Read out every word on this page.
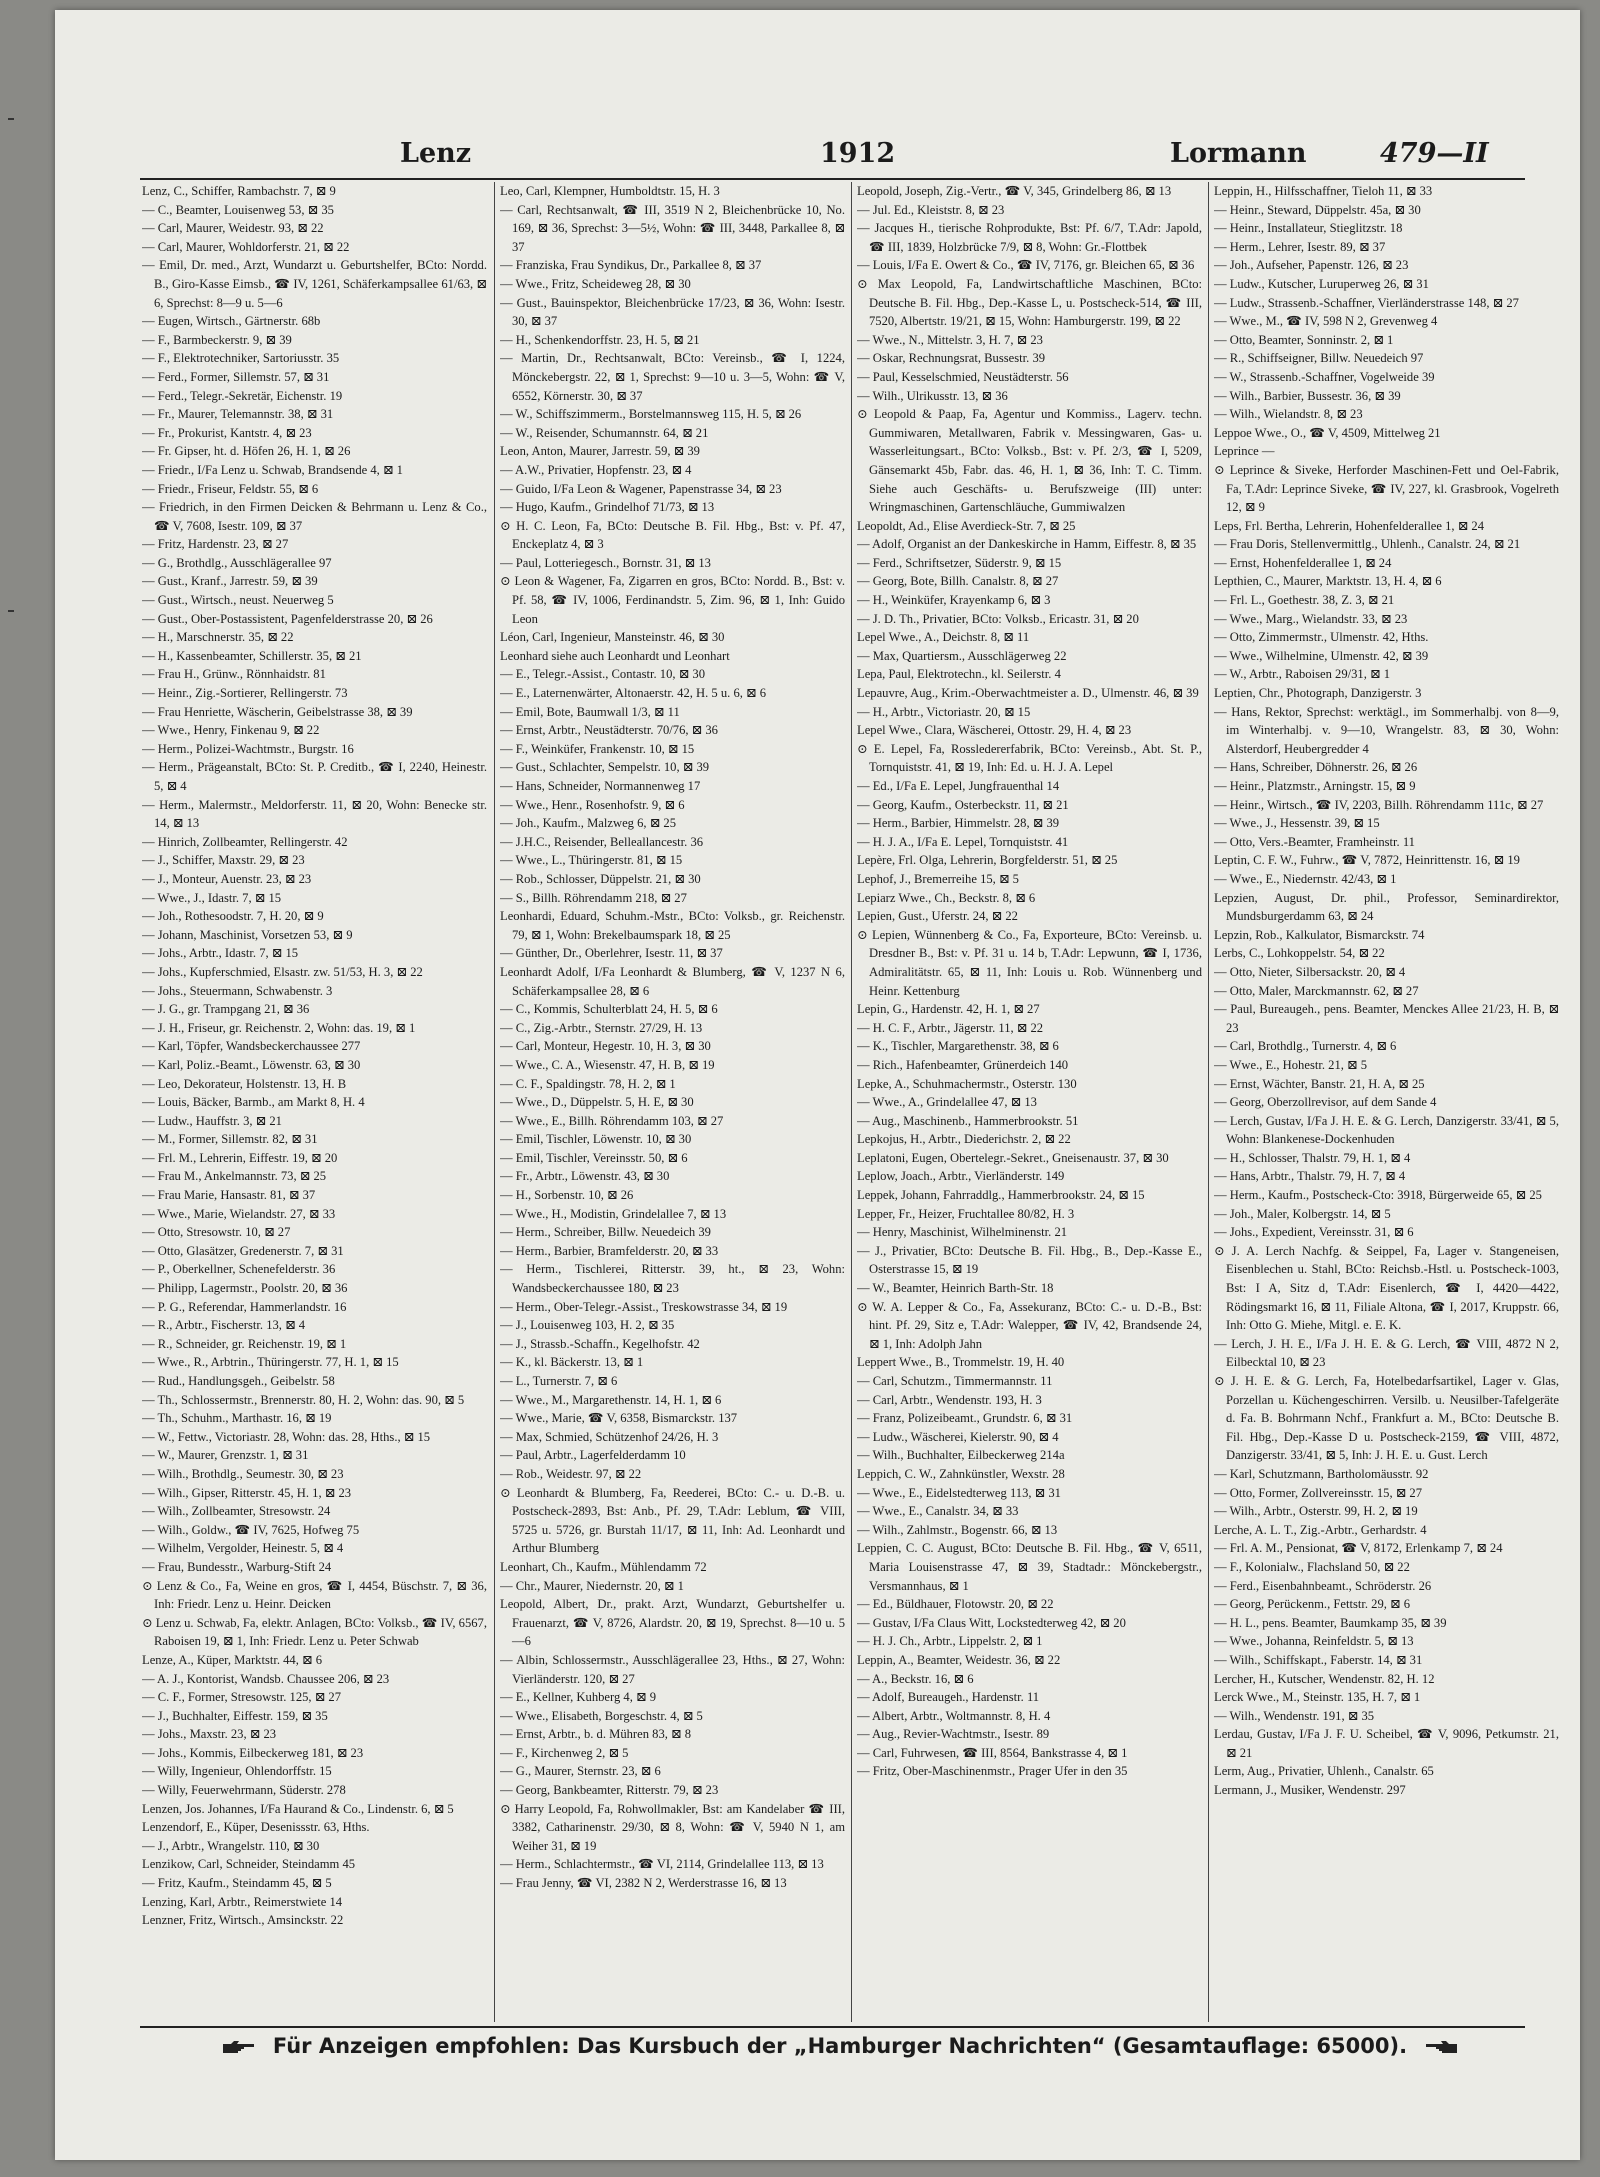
Lenz	1912	Lormann	479—II

Lenz, C., Schiffer, Rambachstr. 7, ⊠ 9

— C., Beamter, Louisenweg 53, ⊠ 35

— Carl, Maurer, Weidestr. 93, ⊠ 22

— Carl, Maurer, Wohldorferstr. 21, ⊠ 22

— Emil, Dr. med., Arzt, Wundarzt u. Geburtshelfer, BCto: Nordd. B., Giro-Kasse Eimsb., ☎ IV, 1261, Schäferkampsallee 61/63, ⊠ 6, Sprechst: 8—9 u. 5—6

— Eugen, Wirtsch., Gärtnerstr. 68b

— F., Barmbeckerstr. 9, ⊠ 39

— F., Elektrotechniker, Sartoriusstr. 35

— Ferd., Former, Sillemstr. 57, ⊠ 31

— Ferd., Telegr.-Sekretär, Eichenstr. 19

— Fr., Maurer, Telemannstr. 38, ⊠ 31

— Fr., Prokurist, Kantstr. 4, ⊠ 23

— Fr. Gipser, ht. d. Höfen 26, H. 1, ⊠ 26

— Friedr., I/Fa Lenz u. Schwab, Brandsende 4, ⊠ 1

— Friedr., Friseur, Feldstr. 55, ⊠ 6

— Friedrich, in den Firmen Deicken & Behrmann u. Lenz & Co., ☎ V, 7608, Isestr. 109, ⊠ 37

— Fritz, Hardenstr. 23, ⊠ 27

— G., Brothdlg., Ausschlägerallee 97

— Gust., Kranf., Jarrestr. 59, ⊠ 39

— Gust., Wirtsch., neust. Neuerweg 5

— Gust., Ober-Postassistent, Pagenfelderstrasse 20, ⊠ 26

— H., Marschnerstr. 35, ⊠ 22

— H., Kassenbeamter, Schillerstr. 35, ⊠ 21

— Frau H., Grünw., Rönnhaidstr. 81

— Heinr., Zig.-Sortierer, Rellingerstr. 73

— Frau Henriette, Wäscherin, Geibelstrasse 38, ⊠ 39

— Wwe., Henry, Finkenau 9, ⊠ 22

— Herm., Polizei-Wachtmstr., Burgstr. 16

— Herm., Prägeanstalt, BCto: St. P. Creditb., ☎ I, 2240, Heinestr. 5, ⊠ 4

— Herm., Malermstr., Meldorferstr. 11, ⊠ 20, Wohn: Benecke str. 14, ⊠ 13

— Hinrich, Zollbeamter, Rellingerstr. 42

— J., Schiffer, Maxstr. 29, ⊠ 23

— J., Monteur, Auenstr. 23, ⊠ 23

— Wwe., J., Idastr. 7, ⊠ 15

— Joh., Rothesoodstr. 7, H. 20, ⊠ 9

— Johann, Maschinist, Vorsetzen 53, ⊠ 9

— Johs., Arbtr., Idastr. 7, ⊠ 15

— Johs., Kupferschmied, Elsastr. zw. 51/53, H. 3, ⊠ 22

— Johs., Steuermann, Schwabenstr. 3

— J. G., gr. Trampgang 21, ⊠ 36

— J. H., Friseur, gr. Reichenstr. 2, Wohn: das. 19, ⊠ 1

— Karl, Töpfer, Wandsbeckerchaussee 277

— Karl, Poliz.-Beamt., Löwenstr. 63, ⊠ 30

— Leo, Dekorateur, Holstenstr. 13, H. B

— Louis, Bäcker, Barmb., am Markt 8, H. 4

— Ludw., Hauffstr. 3, ⊠ 21

— M., Former, Sillemstr. 82, ⊠ 31

— Frl. M., Lehrerin, Eiffestr. 19, ⊠ 20

— Frau M., Ankelmannstr. 73, ⊠ 25

— Frau Marie, Hansastr. 81, ⊠ 37

— Wwe., Marie, Wielandstr. 27, ⊠ 33

— Otto, Stresowstr. 10, ⊠ 27

— Otto, Glasätzer, Gredenerstr. 7, ⊠ 31

— P., Oberkellner, Schenefelderstr. 36

— Philipp, Lagermstr., Poolstr. 20, ⊠ 36

— P. G., Referendar, Hammerlandstr. 16

— R., Arbtr., Fischerstr. 13, ⊠ 4

— R., Schneider, gr. Reichenstr. 19, ⊠ 1

— Wwe., R., Arbtrin., Thüringerstr. 77, H. 1, ⊠ 15

— Rud., Handlungsgeh., Geibelstr. 58

— Th., Schlossermstr., Brennerstr. 80, H. 2, Wohn: das. 90, ⊠ 5

— Th., Schuhm., Marthastr. 16, ⊠ 19

— W., Fettw., Victoriastr. 28, Wohn: das. 28, Hths., ⊠ 15

— W., Maurer, Grenzstr. 1, ⊠ 31

— Wilh., Brothdlg., Seumestr. 30, ⊠ 23

— Wilh., Gipser, Ritterstr. 45, H. 1, ⊠ 23

— Wilh., Zollbeamter, Stresowstr. 24

— Wilh., Goldw., ☎ IV, 7625, Hofweg 75

— Wilhelm, Vergolder, Heinestr. 5, ⊠ 4

— Frau, Bundesstr., Warburg-Stift 24

⊙ Lenz & Co., Fa, Weine en gros, ☎ I, 4454, Büschstr. 7, ⊠ 36, Inh: Friedr. Lenz u. Heinr. Deicken

⊙ Lenz u. Schwab, Fa, elektr. Anlagen, BCto: Volksb., ☎ IV, 6567, Raboisen 19, ⊠ 1, Inh: Friedr. Lenz u. Peter Schwab

Lenze, A., Küper, Marktstr. 44, ⊠ 6

— A. J., Kontorist, Wandsb. Chaussee 206, ⊠ 23

— C. F., Former, Stresowstr. 125, ⊠ 27

— J., Buchhalter, Eiffestr. 159, ⊠ 35

— Johs., Maxstr. 23, ⊠ 23

— Johs., Kommis, Eilbeckerweg 181, ⊠ 23

— Willy, Ingenieur, Ohlendorffstr. 15

— Willy, Feuerwehrmann, Süderstr. 278

Lenzen, Jos. Johannes, I/Fa Haurand & Co., Lindenstr. 6, ⊠ 5

Lenzendorf, E., Küper, Desenissstr. 63, Hths.

— J., Arbtr., Wrangelstr. 110, ⊠ 30

Lenzikow, Carl, Schneider, Steindamm 45

— Fritz, Kaufm., Steindamm 45, ⊠ 5

Lenzing, Karl, Arbtr., Reimerstwiete 14

Lenzner, Fritz, Wirtsch., Amsinckstr. 22

Leo, Carl, Klempner, Humboldtstr. 15, H. 3

— Carl, Rechtsanwalt, ☎ III, 3519 N 2, Bleichenbrücke 10, No. 169, ⊠ 36, Sprechst: 3—5½, Wohn: ☎ III, 3448, Parkallee 8, ⊠ 37

— Franziska, Frau Syndikus, Dr., Parkallee 8, ⊠ 37

— Wwe., Fritz, Scheideweg 28, ⊠ 30

— Gust., Bauinspektor, Bleichenbrücke 17/23, ⊠ 36, Wohn: Isestr. 30, ⊠ 37

— H., Schenkendorffstr. 23, H. 5, ⊠ 21

— Martin, Dr., Rechtsanwalt, BCto: Vereinsb., ☎ I, 1224, Mönckebergstr. 22, ⊠ 1, Sprechst: 9—10 u. 3—5, Wohn: ☎ V, 6552, Körnerstr. 30, ⊠ 37

— W., Schiffszimmerm., Borstelmannsweg 115, H. 5, ⊠ 26

— W., Reisender, Schumannstr. 64, ⊠ 21

Leon, Anton, Maurer, Jarrestr. 59, ⊠ 39

— A.W., Privatier, Hopfenstr. 23, ⊠ 4

— Guido, I/Fa Leon & Wagener, Papenstrasse 34, ⊠ 23

— Hugo, Kaufm., Grindelhof 71/73, ⊠ 13

⊙ H. C. Leon, Fa, BCto: Deutsche B. Fil. Hbg., Bst: v. Pf. 47, Enckeplatz 4, ⊠ 3

— Paul, Lotteriegesch., Bornstr. 31, ⊠ 13

⊙ Leon & Wagener, Fa, Zigarren en gros, BCto: Nordd. B., Bst: v. Pf. 58, ☎ IV, 1006, Ferdinandstr. 5, Zim. 96, ⊠ 1, Inh: Guido Leon

Léon, Carl, Ingenieur, Mansteinstr. 46, ⊠ 30

Leonhard siehe auch Leonhardt und Leonhart

— E., Telegr.-Assist., Contastr. 10, ⊠ 30

— E., Laternenwärter, Altonaerstr. 42, H. 5 u. 6, ⊠ 6

— Emil, Bote, Baumwall 1/3, ⊠ 11

— Ernst, Arbtr., Neustädterstr. 70/76, ⊠ 36

— F., Weinküfer, Frankenstr. 10, ⊠ 15

— Gust., Schlachter, Sempelstr. 10, ⊠ 39

— Hans, Schneider, Normannenweg 17

— Wwe., Henr., Rosenhofstr. 9, ⊠ 6

— Joh., Kaufm., Malzweg 6, ⊠ 25

— J.H.C., Reisender, Belleallancestr. 36

— Wwe., L., Thüringerstr. 81, ⊠ 15

— Rob., Schlosser, Düppelstr. 21, ⊠ 30

— S., Billh. Röhrendamm 218, ⊠ 27

Leonhardi, Eduard, Schuhm.-Mstr., BCto: Volksb., gr. Reichenstr. 79, ⊠ 1, Wohn: Brekelbaumspark 18, ⊠ 25

— Günther, Dr., Oberlehrer, Isestr. 11, ⊠ 37

Leonhardt Adolf, I/Fa Leonhardt & Blumberg, ☎ V, 1237 N 6, Schäferkampsallee 28, ⊠ 6

— C., Kommis, Schulterblatt 24, H. 5, ⊠ 6

— C., Zig.-Arbtr., Sternstr. 27/29, H. 13

— Carl, Monteur, Hegestr. 10, H. 3, ⊠ 30

— Wwe., C. A., Wiesenstr. 47, H. B, ⊠ 19

— C. F., Spaldingstr. 78, H. 2, ⊠ 1

— Wwe., D., Düppelstr. 5, H. E, ⊠ 30

— Wwe., E., Billh. Röhrendamm 103, ⊠ 27

— Emil, Tischler, Löwenstr. 10, ⊠ 30

— Emil, Tischler, Vereinsstr. 50, ⊠ 6

— Fr., Arbtr., Löwenstr. 43, ⊠ 30

— H., Sorbenstr. 10, ⊠ 26

— Wwe., H., Modistin, Grindelallee 7, ⊠ 13

— Herm., Schreiber, Billw. Neuedeich 39

— Herm., Barbier, Bramfelderstr. 20, ⊠ 33

— Herm., Tischlerei, Ritterstr. 39, ht., ⊠ 23, Wohn: Wandsbeckerchaussee 180, ⊠ 23

— Herm., Ober-Telegr.-Assist., Treskowstrasse 34, ⊠ 19

— J., Louisenweg 103, H. 2, ⊠ 35

— J., Strassb.-Schaffn., Kegelhofstr. 42

— K., kl. Bäckerstr. 13, ⊠ 1

— L., Turnerstr. 7, ⊠ 6

— Wwe., M., Margarethenstr. 14, H. 1, ⊠ 6

— Wwe., Marie, ☎ V, 6358, Bismarckstr. 137

— Max, Schmied, Schützenhof 24/26, H. 3

— Paul, Arbtr., Lagerfelderdamm 10

— Rob., Weidestr. 97, ⊠ 22

⊙ Leonhardt & Blumberg, Fa, Reederei, BCto: C.- u. D.-B. u. Postscheck-2893, Bst: Anb., Pf. 29, T.Adr: Leblum, ☎ VIII, 5725 u. 5726, gr. Burstah 11/17, ⊠ 11, Inh: Ad. Leonhardt und Arthur Blumberg

Leonhart, Ch., Kaufm., Mühlendamm 72

— Chr., Maurer, Niedernstr. 20, ⊠ 1

Leopold, Albert, Dr., prakt. Arzt, Wundarzt, Geburtshelfer u. Frauenarzt, ☎ V, 8726, Alardstr. 20, ⊠ 19, Sprechst. 8—10 u. 5—6

— Albin, Schlossermstr., Ausschlägerallee 23, Hths., ⊠ 27, Wohn: Vierländerstr. 120, ⊠ 27

— E., Kellner, Kuhberg 4, ⊠ 9

— Wwe., Elisabeth, Borgeschstr. 4, ⊠ 5

— Ernst, Arbtr., b. d. Mühren 83, ⊠ 8

— F., Kirchenweg 2, ⊠ 5

— G., Maurer, Sternstr. 23, ⊠ 6

— Georg, Bankbeamter, Ritterstr. 79, ⊠ 23

⊙ Harry Leopold, Fa, Rohwollmakler, Bst: am Kandelaber ☎ III, 3382, Catharinenstr. 29/30, ⊠ 8, Wohn: ☎ V, 5940 N 1, am Weiher 31, ⊠ 19

— Herm., Schlachtermstr., ☎ VI, 2114, Grindelallee 113, ⊠ 13

— Frau Jenny, ☎ VI, 2382 N 2, Werderstrasse 16, ⊠ 13

Leopold, Joseph, Zig.-Vertr., ☎ V, 345, Grindelberg 86, ⊠ 13

— Jul. Ed., Kleiststr. 8, ⊠ 23

— Jacques H., tierische Rohprodukte, Bst: Pf. 6/7, T.Adr: Japold, ☎ III, 1839, Holzbrücke 7/9, ⊠ 8, Wohn: Gr.-Flottbek

— Louis, I/Fa E. Owert & Co., ☎ IV, 7176, gr. Bleichen 65, ⊠ 36

⊙ Max Leopold, Fa, Landwirtschaftliche Maschinen, BCto: Deutsche B. Fil. Hbg., Dep.-Kasse L, u. Postscheck-514, ☎ III, 7520, Albertstr. 19/21, ⊠ 15, Wohn: Hamburgerstr. 199, ⊠ 22

— Wwe., N., Mittelstr. 3, H. 7, ⊠ 23

— Oskar, Rechnungsrat, Bussestr. 39

— Paul, Kesselschmied, Neustädterstr. 56

— Wilh., Ulrikusstr. 13, ⊠ 36

⊙ Leopold & Paap, Fa, Agentur und Kommiss., Lagerv. techn. Gummiwaren, Metallwaren, Fabrik v. Messingwaren, Gas- u. Wasserleitungsart., BCto: Volksb., Bst: v. Pf. 2/3, ☎ I, 5209, Gänsemarkt 45b, Fabr. das. 46, H. 1, ⊠ 36, Inh: T. C. Timm. Siehe auch Geschäfts- u. Berufszweige (III) unter: Wringmaschinen, Gartenschläuche, Gummiwalzen

Leopoldt, Ad., Elise Averdieck-Str. 7, ⊠ 25

— Adolf, Organist an der Dankeskirche in Hamm, Eiffestr. 8, ⊠ 35

— Ferd., Schriftsetzer, Süderstr. 9, ⊠ 15

— Georg, Bote, Billh. Canalstr. 8, ⊠ 27

— H., Weinküfer, Krayenkamp 6, ⊠ 3

— J. D. Th., Privatier, BCto: Volksb., Ericastr. 31, ⊠ 20

Lepel Wwe., A., Deichstr. 8, ⊠ 11

— Max, Quartiersm., Ausschlägerweg 22

Lepa, Paul, Elektrotechn., kl. Seilerstr. 4

Lepauvre, Aug., Krim.-Oberwachtmeister a. D., Ulmenstr. 46, ⊠ 39

— H., Arbtr., Victoriastr. 20, ⊠ 15

Lepel Wwe., Clara, Wäscherei, Ottostr. 29, H. 4, ⊠ 23

⊙ E. Lepel, Fa, Rossledererfabrik, BCto: Vereinsb., Abt. St. P., Tornquiststr. 41, ⊠ 19, Inh: Ed. u. H. J. A. Lepel

— Ed., I/Fa E. Lepel, Jungfrauenthal 14

— Georg, Kaufm., Osterbeckstr. 11, ⊠ 21

— Herm., Barbier, Himmelstr. 28, ⊠ 39

— H. J. A., I/Fa E. Lepel, Tornquiststr. 41

Lepère, Frl. Olga, Lehrerin, Borgfelderstr. 51, ⊠ 25

Lephof, J., Bremerreihe 15, ⊠ 5

Lepiarz Wwe., Ch., Beckstr. 8, ⊠ 6

Lepien, Gust., Uferstr. 24, ⊠ 22

⊙ Lepien, Wünnenberg & Co., Fa, Exporteure, BCto: Vereinsb. u. Dresdner B., Bst: v. Pf. 31 u. 14 b, T.Adr: Lepwunn, ☎ I, 1736, Admiralitätstr. 65, ⊠ 11, Inh: Louis u. Rob. Wünnenberg und Heinr. Kettenburg

Lepin, G., Hardenstr. 42, H. 1, ⊠ 27

— H. C. F., Arbtr., Jägerstr. 11, ⊠ 22

— K., Tischler, Margarethenstr. 38, ⊠ 6

— Rich., Hafenbeamter, Grünerdeich 140

Lepke, A., Schuhmachermstr., Osterstr. 130

— Wwe., A., Grindelallee 47, ⊠ 13

— Aug., Maschinenb., Hammerbrookstr. 51

Lepkojus, H., Arbtr., Diederichstr. 2, ⊠ 22

Leplatoni, Eugen, Obertelegr.-Sekret., Gneisenaustr. 37, ⊠ 30

Leplow, Joach., Arbtr., Vierländerstr. 149

Leppek, Johann, Fahrraddlg., Hammerbrookstr. 24, ⊠ 15

Lepper, Fr., Heizer, Fruchtallee 80/82, H. 3

— Henry, Maschinist, Wilhelminenstr. 21

— J., Privatier, BCto: Deutsche B. Fil. Hbg., B., Dep.-Kasse E., Osterstrasse 15, ⊠ 19

— W., Beamter, Heinrich Barth-Str. 18

⊙ W. A. Lepper & Co., Fa, Assekuranz, BCto: C.- u. D.-B., Bst: hint. Pf. 29, Sitz e, T.Adr: Walepper, ☎ IV, 42, Brandsende 24, ⊠ 1, Inh: Adolph Jahn

Leppert Wwe., B., Trommelstr. 19, H. 40

— Carl, Schutzm., Timmermannstr. 11

— Carl, Arbtr., Wendenstr. 193, H. 3

— Franz, Polizeibeamt., Grundstr. 6, ⊠ 31

— Ludw., Wäscherei, Kielerstr. 90, ⊠ 4

— Wilh., Buchhalter, Eilbeckerweg 214a

Leppich, C. W., Zahnkünstler, Wexstr. 28

— Wwe., E., Eidelstedterweg 113, ⊠ 31

— Wwe., E., Canalstr. 34, ⊠ 33

— Wilh., Zahlmstr., Bogenstr. 66, ⊠ 13

Leppien, C. C. August, BCto: Deutsche B. Fil. Hbg., ☎ V, 6511, Maria Louisenstrasse 47, ⊠ 39, Stadtadr.: Mönckebergstr., Versmannhaus, ⊠ 1

— Ed., Büldhauer, Flotowstr. 20, ⊠ 22

— Gustav, I/Fa Claus Witt, Lockstedterweg 42, ⊠ 20

— H. J. Ch., Arbtr., Lippelstr. 2, ⊠ 1

Leppin, A., Beamter, Weidestr. 36, ⊠ 22

— A., Beckstr. 16, ⊠ 6

— Adolf, Bureaugeh., Hardenstr. 11

— Albert, Arbtr., Woltmannstr. 8, H. 4

— Aug., Revier-Wachtmstr., Isestr. 89

— Carl, Fuhrwesen, ☎ III, 8564, Bankstrasse 4, ⊠ 1

— Fritz, Ober-Maschinenmstr., Prager Ufer in den 35

Leppin, H., Hilfsschaffner, Tieloh 11, ⊠ 33

— Heinr., Steward, Düppelstr. 45a, ⊠ 30

— Heinr., Installateur, Stieglitzstr. 18

— Herm., Lehrer, Isestr. 89, ⊠ 37

— Joh., Aufseher, Papenstr. 126, ⊠ 23

— Ludw., Kutscher, Luruperweg 26, ⊠ 31

— Ludw., Strassenb.-Schaffner, Vierländerstrasse 148, ⊠ 27

— Wwe., M., ☎ IV, 598 N 2, Grevenweg 4

— Otto, Beamter, Sonninstr. 2, ⊠ 1

— R., Schiffseigner, Billw. Neuedeich 97

— W., Strassenb.-Schaffner, Vogelweide 39

— Wilh., Barbier, Bussestr. 36, ⊠ 39

— Wilh., Wielandstr. 8, ⊠ 23

Leppoe Wwe., O., ☎ V, 4509, Mittelweg 21

Leprince —

⊙ Leprince & Siveke, Herforder Maschinen-Fett und Oel-Fabrik, Fa, T.Adr: Leprince Siveke, ☎ IV, 227, kl. Grasbrook, Vogelreth 12, ⊠ 9

Leps, Frl. Bertha, Lehrerin, Hohenfelderallee 1, ⊠ 24

— Frau Doris, Stellenvermittlg., Uhlenh., Canalstr. 24, ⊠ 21

— Ernst, Hohenfelderallee 1, ⊠ 24

Lepthien, C., Maurer, Marktstr. 13, H. 4, ⊠ 6

— Frl. L., Goethestr. 38, Z. 3, ⊠ 21

— Wwe., Marg., Wielandstr. 33, ⊠ 23

— Otto, Zimmermstr., Ulmenstr. 42, Hths.

— Wwe., Wilhelmine, Ulmenstr. 42, ⊠ 39

— W., Arbtr., Raboisen 29/31, ⊠ 1

Leptien, Chr., Photograph, Danzigerstr. 3

— Hans, Rektor, Sprechst: werktägl., im Sommerhalbj. von 8—9, im Winterhalbj. v. 9—10, Wrangelstr. 83, ⊠ 30, Wohn: Alsterdorf, Heubergredder 4

— Hans, Schreiber, Döhnerstr. 26, ⊠ 26

— Heinr., Platzmstr., Arningstr. 15, ⊠ 9

— Heinr., Wirtsch., ☎ IV, 2203, Billh. Röhrendamm 111c, ⊠ 27

— Wwe., J., Hessenstr. 39, ⊠ 15

— Otto, Vers.-Beamter, Framheinstr. 11

Leptin, C. F. W., Fuhrw., ☎ V, 7872, Heinrittenstr. 16, ⊠ 19

— Wwe., E., Niedernstr. 42/43, ⊠ 1

Lepzien, August, Dr. phil., Professor, Seminardirektor, Mundsburgerdamm 63, ⊠ 24

Lepzin, Rob., Kalkulator, Bismarckstr. 74

Lerbs, C., Lohkoppelstr. 54, ⊠ 22

— Otto, Nieter, Silbersackstr. 20, ⊠ 4

— Otto, Maler, Marckmannstr. 62, ⊠ 27

— Paul, Bureaugeh., pens. Beamter, Menckes Allee 21/23, H. B, ⊠ 23

— Carl, Brothdlg., Turnerstr. 4, ⊠ 6

— Wwe., E., Hohestr. 21, ⊠ 5

— Ernst, Wächter, Banstr. 21, H. A, ⊠ 25

— Georg, Oberzollrevisor, auf dem Sande 4

— Lerch, Gustav, I/Fa J. H. E. & G. Lerch, Danzigerstr. 33/41, ⊠ 5, Wohn: Blankenese-Dockenhuden

— H., Schlosser, Thalstr. 79, H. 1, ⊠ 4

— Hans, Arbtr., Thalstr. 79, H. 7, ⊠ 4

— Herm., Kaufm., Postscheck-Cto: 3918, Bürgerweide 65, ⊠ 25

— Joh., Maler, Kolbergstr. 14, ⊠ 5

— Johs., Expedient, Vereinsstr. 31, ⊠ 6

⊙ J. A. Lerch Nachfg. & Seippel, Fa, Lager v. Stangeneisen, Eisenblechen u. Stahl, BCto: Reichsb.-Hstl. u. Postscheck-1003, Bst: I A, Sitz d, T.Adr: Eisenlerch, ☎ I, 4420—4422, Rödingsmarkt 16, ⊠ 11, Filiale Altona, ☎ I, 2017, Kruppstr. 66, Inh: Otto G. Miehe, Mitgl. e. E. K.

— Lerch, J. H. E., I/Fa J. H. E. & G. Lerch, ☎ VIII, 4872 N 2, Eilbecktal 10, ⊠ 23

⊙ J. H. E. & G. Lerch, Fa, Hotelbedarfsartikel, Lager v. Glas, Porzellan u. Küchengeschirren. Versilb. u. Neusilber-Tafelgeräte d. Fa. B. Bohrmann Nchf., Frankfurt a. M., BCto: Deutsche B. Fil. Hbg., Dep.-Kasse D u. Postscheck-2159, ☎ VIII, 4872, Danzigerstr. 33/41, ⊠ 5, Inh: J. H. E. u. Gust. Lerch

— Karl, Schutzmann, Bartholomäusstr. 92

— Otto, Former, Zollvereinsstr. 15, ⊠ 27

— Wilh., Arbtr., Osterstr. 99, H. 2, ⊠ 19

Lerche, A. L. T., Zig.-Arbtr., Gerhardstr. 4

— Frl. A. M., Pensionat, ☎ V, 8172, Erlenkamp 7, ⊠ 24

— F., Kolonialw., Flachsland 50, ⊠ 22

— Ferd., Eisenbahnbeamt., Schröderstr. 26

— Georg, Perückenm., Fettstr. 29, ⊠ 6

— H. L., pens. Beamter, Baumkamp 35, ⊠ 39

— Wwe., Johanna, Reinfeldstr. 5, ⊠ 13

— Wilh., Schiffskapt., Faberstr. 14, ⊠ 31

Lercher, H., Kutscher, Wendenstr. 82, H. 12

Lerck Wwe., M., Steinstr. 135, H. 7, ⊠ 1

— Wilh., Wendenstr. 191, ⊠ 35

Lerdau, Gustav, I/Fa J. F. U. Scheibel, ☎ V, 9096, Petkumstr. 21, ⊠ 21

Lerm, Aug., Privatier, Uhlenh., Canalstr. 65

Lermann, J., Musiker, Wendenstr. 297

Für Anzeigen empfohlen: Das Kursbuch der „Hamburger Nachrichten“ (Gesamtauflage: 65000).
